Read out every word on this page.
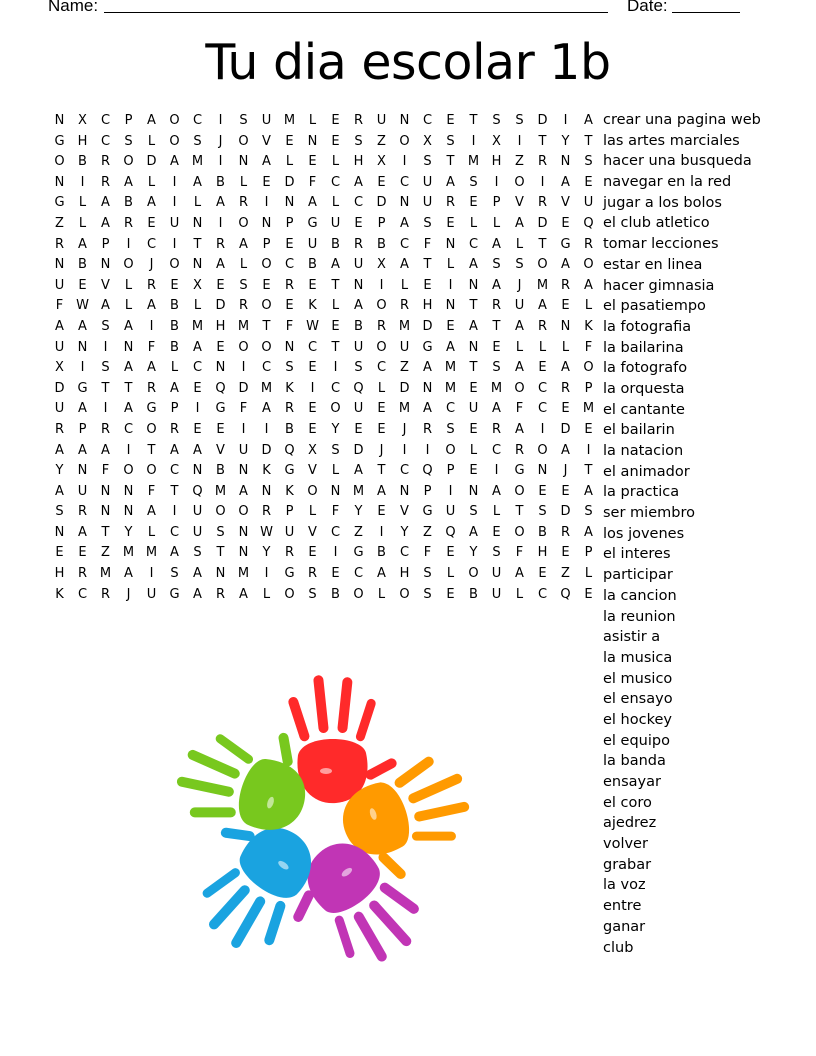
Name:	Date:
Tu dia escolar 1b
N	X	C	P	A	O	C	I	S	U M	L	E	R	U	N	C	E	T	S	S	D	I	A
G	H	C	S	L	O	S	J	O	V	E	N	E	S	Z	O	X	S	I	X	I	T	Y	T
O	B	R	O D	A M	I	N	A	L	E	L	H	X	I	S	T	M H	Z	R	N	S
N	I	R	A	L	I	A	B	L	E	D	F	C	A	E	C	U	A	S	I	O	I	A	E
G	L	A	B	A	I	L	A	R	I	N	A	L	C	D	N	U	R	E	P	V	R	V	U
Z	L	A	R	E	U	N	I	O	N	P	G	U	E	P	A	S	E	L	L	A	D	E	Q
R	A	P	I	C	I	T	R	A	P	E	U	B	R	B	C	F	N	C	A	L	T	G	R
N	B	N	O	J	O	N	A	L	O	C	B	A	U	X	A	T	L	A	S	S	O	A	O
U	E	V	L	R	E	X	E	S	E	R	E	T	N	I	L	E	I	N	A	J	M R	A
F W A	L	A	B	L	D	R	O	E	K	L	A	O	R	H	N	T	R	U	A	E	L
A	A	S	A	I	B M H M	T	F W E	B	R M D	E	A	T	A	R	N	K
U	N	I	N	F	B	A	E	O O	N	C	T	U	O	U	G	A	N	E	L	L	L	F
X	I	S	A	A	L	C	N	I	C	S	E	I	S	C	Z	A M	T	S	A	E	A	O
D G	T	T	R	A	E	Q D M	K	I	C	Q	L	D	N M	E	M O	C	R	P
U	A	I	A	G	P	I	G	F	A	R	E	O	U	E	M A	C	U	A	F	C	E	M
R	P	R	C	O	R	E	E	I	I	B	E	Y	E	E	J	R	S	E	R	A	I	D	E
A	A	A	I	T	A	A	V	U	D Q	X	S	D	J	I	I	O	L	C	R	O	A	I
Y	N	F	O O	C	N	B	N	K	G	V	L	A	T	C	Q	P	E	I	G	N	J	T
A	U	N	N	F	T	Q M A	N	K	O	N M A	N	P	I	N	A	O	E	E	A
S	R	N	N	A	I	U	O O	R	P	L	F	Y	E	V	G	U	S	L	T	S	D	S
N	A	T	Y	L	C	U	S	N W U	V	C	Z	I	Y	Z	Q	A	E	O	B	R	A
E	E	Z M M A	S	T	N	Y	R	E	I	G	B	C	F	E	Y	S	F	H	E	P
H	R M A	I	S	A	N M	I	G	R	E	C	A	H	S	L	O	U	A	E	Z	L
K	C	R	J	U	G	A	R	A	L	O	S	B	O	L	O	S	E	B	U	L	C	Q	E
crear una pagina web
las artes marciales
hacer una busqueda
navegar en la red
jugar a los bolos
el club atletico
tomar lecciones
estar en linea
hacer gimnasia
el pasatiempo
la fotografia
la bailarina
la fotografo
la orquesta
el cantante
el bailarin
la natacion
el animador
la practica
ser miembro
los jovenes
el interes
participar
la cancion
la reunion
asistir a
la musica
el musico
el ensayo
el hockey
el equipo
la banda
ensayar
el coro
ajedrez
volver
grabar
la voz
entre
ganar
club
